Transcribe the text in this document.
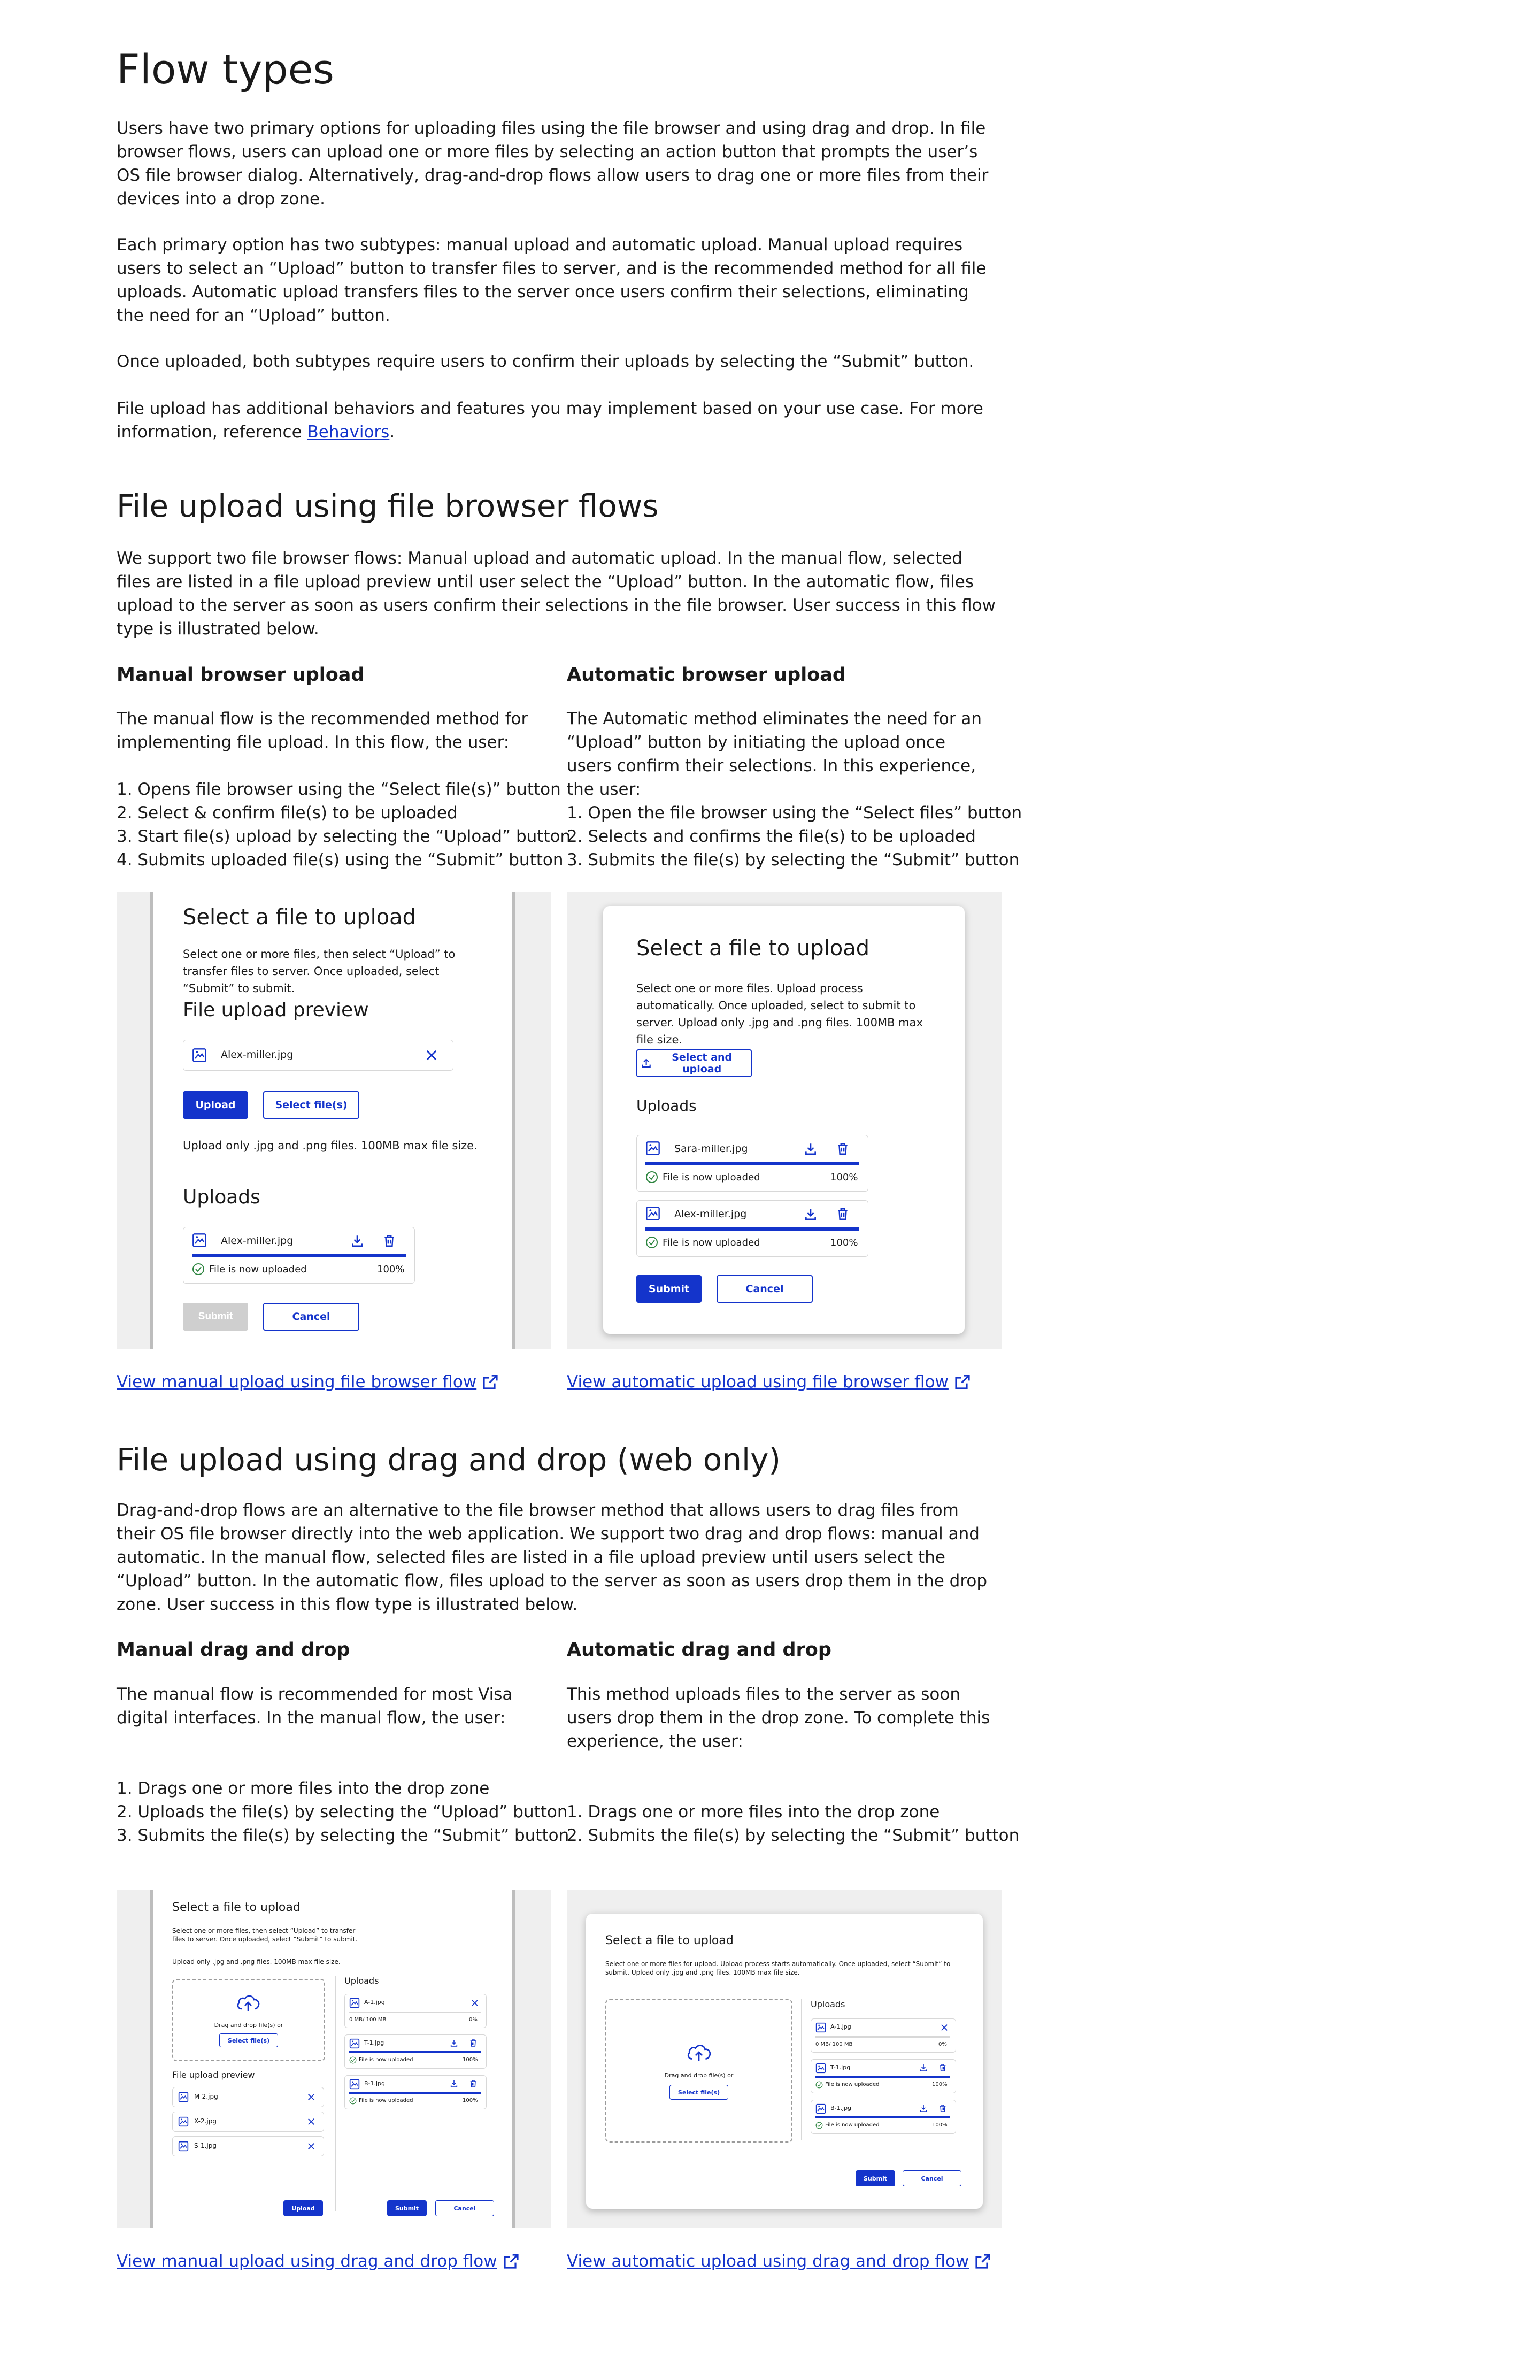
Flow types

Users have two primary options for uploading files using the file browser and using drag and drop. In file browser flows, users can upload one or more files by selecting an action button that prompts the user’s OS file browser dialog. Alternatively, drag-and-drop flows allow users to drag one or more files from their devices into a drop zone.

Each primary option has two subtypes: manual upload and automatic upload. Manual upload requires users to select an “Upload” button to transfer files to server, and is the recommended method for all file uploads. Automatic upload transfers files to the server once users confirm their selections, eliminating the need for an “Upload” button.

Once uploaded, both subtypes require users to confirm their uploads by selecting the “Submit” button.

File upload has additional behaviors and features you may implement based on your use case. For more information, reference Behaviors.

File upload using file browser flows

We support two file browser flows: Manual upload and automatic upload. In the manual flow, selected files are listed in a file upload preview until user select the “Upload” button. In the automatic flow, files upload to the server as soon as users confirm their selections in the file browser. User success in this flow type is illustrated below.

Manual browser upload

The manual flow is the recommended method for implementing file upload. In this flow, the user:

1. Opens file browser using the “Select file(s)” button
2. Select & confirm file(s) to be uploaded
3. Start file(s) upload by selecting the “Upload” button
4. Submits uploaded file(s) using the “Submit” button
Automatic browser upload

The Automatic method eliminates the need for an “Upload” button by initiating the upload once users confirm their selections. In this experience, the user:

1. Open the file browser using the “Select files” button
2. Selects and confirms the file(s) to be uploaded
3. Submits the file(s) by selecting the “Submit” button
Select a file to upload
Select one or more files, then select “Upload” to transfer files to server. Once uploaded, select “Submit” to submit.
File upload preview
Alex-miller.jpg
Upload	Select file(s)
Upload only .jpg and .png files. 100MB max file size.
Uploads
Alex-miller.jpg
File is now uploaded	100%
Submit	Cancel
View manual upload using file browser flow
Select a file to upload
Select one or more files. Upload process automatically. Once uploaded, select to submit to server. Upload only .jpg and .png files. 100MB max file size.
Select and upload
Uploads
Sara-miller.jpg
File is now uploaded	100%
Alex-miller.jpg
File is now uploaded	100%
Submit	Cancel
View automatic upload using file browser flow
File upload using drag and drop (web only)

Drag-and-drop flows are an alternative to the file browser method that allows users to drag files from their OS file browser directly into the web application. We support two drag and drop flows: manual and automatic. In the manual flow, selected files are listed in a file upload preview until users select the “Upload” button. In the automatic flow, files upload to the server as soon as users drop them in the drop zone. User success in this flow type is illustrated below.

Manual drag and drop

The manual flow is recommended for most Visa digital interfaces. In the manual flow, the user:

1. Drags one or more files into the drop zone
2. Uploads the file(s) by selecting the “Upload” button
3. Submits the file(s) by selecting the “Submit” button
Automatic drag and drop

This method uploads files to the server as soon users drop them in the drop zone. To complete this experience, the user:

1. Drags one or more files into the drop zone
2. Submits the file(s) by selecting the “Submit” button
Select a file to upload
Select one or more files, then select “Upload” to transfer files to server. Once uploaded, select “Submit” to submit.
Upload only .jpg and .png files. 100MB max file size.
Drag and drop file(s) or
Select file(s)
File upload preview
M-2.jpg
X-2.jpg
S-1.jpg
Uploads
A-1.jpg
0 MB/ 100 MB	0%
T-1.jpg
File is now uploaded	100%
B-1.jpg
File is now uploaded	100%
Upload	Submit	Cancel
View manual upload using drag and drop flow
Select a file to upload
Select one or more files for upload. Upload process starts automatically. Once uploaded, select “Submit” to submit. Upload only .jpg and .png files. 100MB max file size.
Drag and drop file(s) or
Select file(s)
Uploads
A-1.jpg
0 MB/ 100 MB	0%
T-1.jpg
File is now uploaded	100%
B-1.jpg
File is now uploaded	100%
Submit	Cancel
View automatic upload using drag and drop flow
